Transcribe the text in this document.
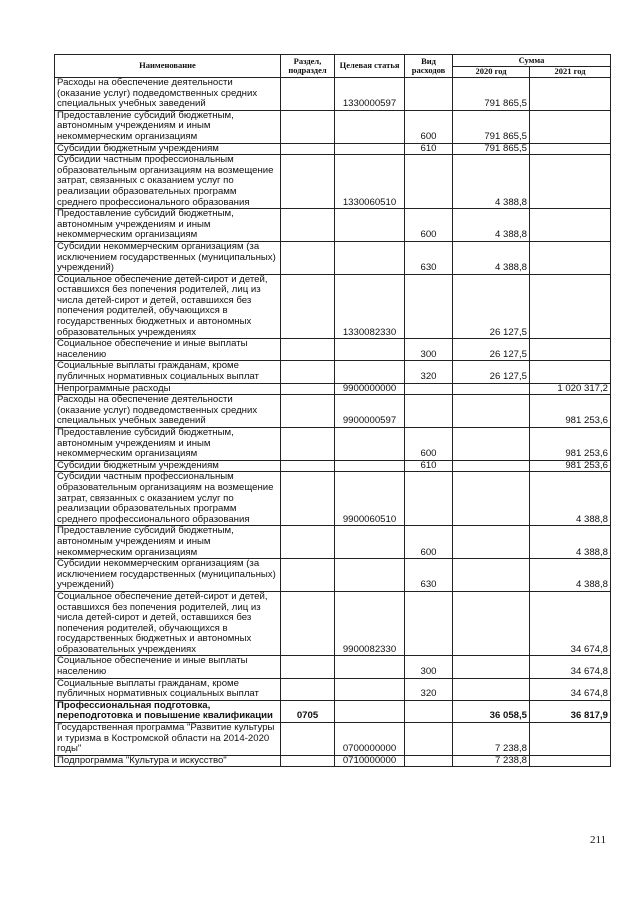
Наименование	Раздел, подраздел	Целевая статья	Вид расходов	Сумма	
				2020 год	2021 год
Расходы на обеспечение деятельности (оказание услуг) подведомственных средних специальных учебных заведений		1330000597		791 865,5	
Предоставление субсидий бюджетным, автономным учреждениям и иным некоммерческим организациям			600	791 865,5	
Субсидии бюджетным учреждениям			610	791 865,5	
Субсидии частным профессиональным образовательным организациям на возмещение затрат, связанных с оказанием услуг по реализации образовательных программ среднего профессионального образования		1330060510		4 388,8	
Предоставление субсидий бюджетным, автономным учреждениям и иным некоммерческим организациям			600	4 388,8	
Субсидии некоммерческим организациям (за исключением государственных (муниципальных) учреждений)			630	4 388,8	
Социальное обеспечение детей-сирот и детей, оставшихся без попечения родителей, лиц из числа детей-сирот и детей, оставшихся без попечения родителей, обучающихся в государственных бюджетных и автономных образовательных учреждениях		1330082330		26 127,5	
Социальное обеспечение и иные выплаты населению			300	26 127,5	
Социальные выплаты гражданам, кроме публичных нормативных социальных выплат			320	26 127,5	
Непрограммные расходы		9900000000			1 020 317,2
Расходы на обеспечение деятельности (оказание услуг) подведомственных средних специальных учебных заведений		9900000597			981 253,6
Предоставление субсидий бюджетным, автономным учреждениям и иным некоммерческим организациям			600		981 253,6
Субсидии бюджетным учреждениям			610		981 253,6
Субсидии частным профессиональным образовательным организациям на возмещение затрат, связанных с оказанием услуг по реализации образовательных программ среднего профессионального образования		9900060510			4 388,8
Предоставление субсидий бюджетным, автономным учреждениям и иным некоммерческим организациям			600		4 388,8
Субсидии некоммерческим организациям (за исключением государственных (муниципальных) учреждений)			630		4 388,8
Социальное обеспечение детей-сирот и детей, оставшихся без попечения родителей, лиц из числа детей-сирот и детей, оставшихся без попечения родителей, обучающихся в государственных бюджетных и автономных образовательных учреждениях		9900082330			34 674,8
Социальное обеспечение и иные выплаты населению			300		34 674,8
Социальные выплаты гражданам, кроме публичных нормативных социальных выплат			320		34 674,8
Профессиональная подготовка, переподготовка и повышение квалификации	0705			36 058,5	36 817,9
Государственная программа "Развитие культуры и туризма в Костромской области на 2014-2020 годы"		0700000000		7 238,8	
Подпрограмма "Культура и искусство"		0710000000		7 238,8	
211
